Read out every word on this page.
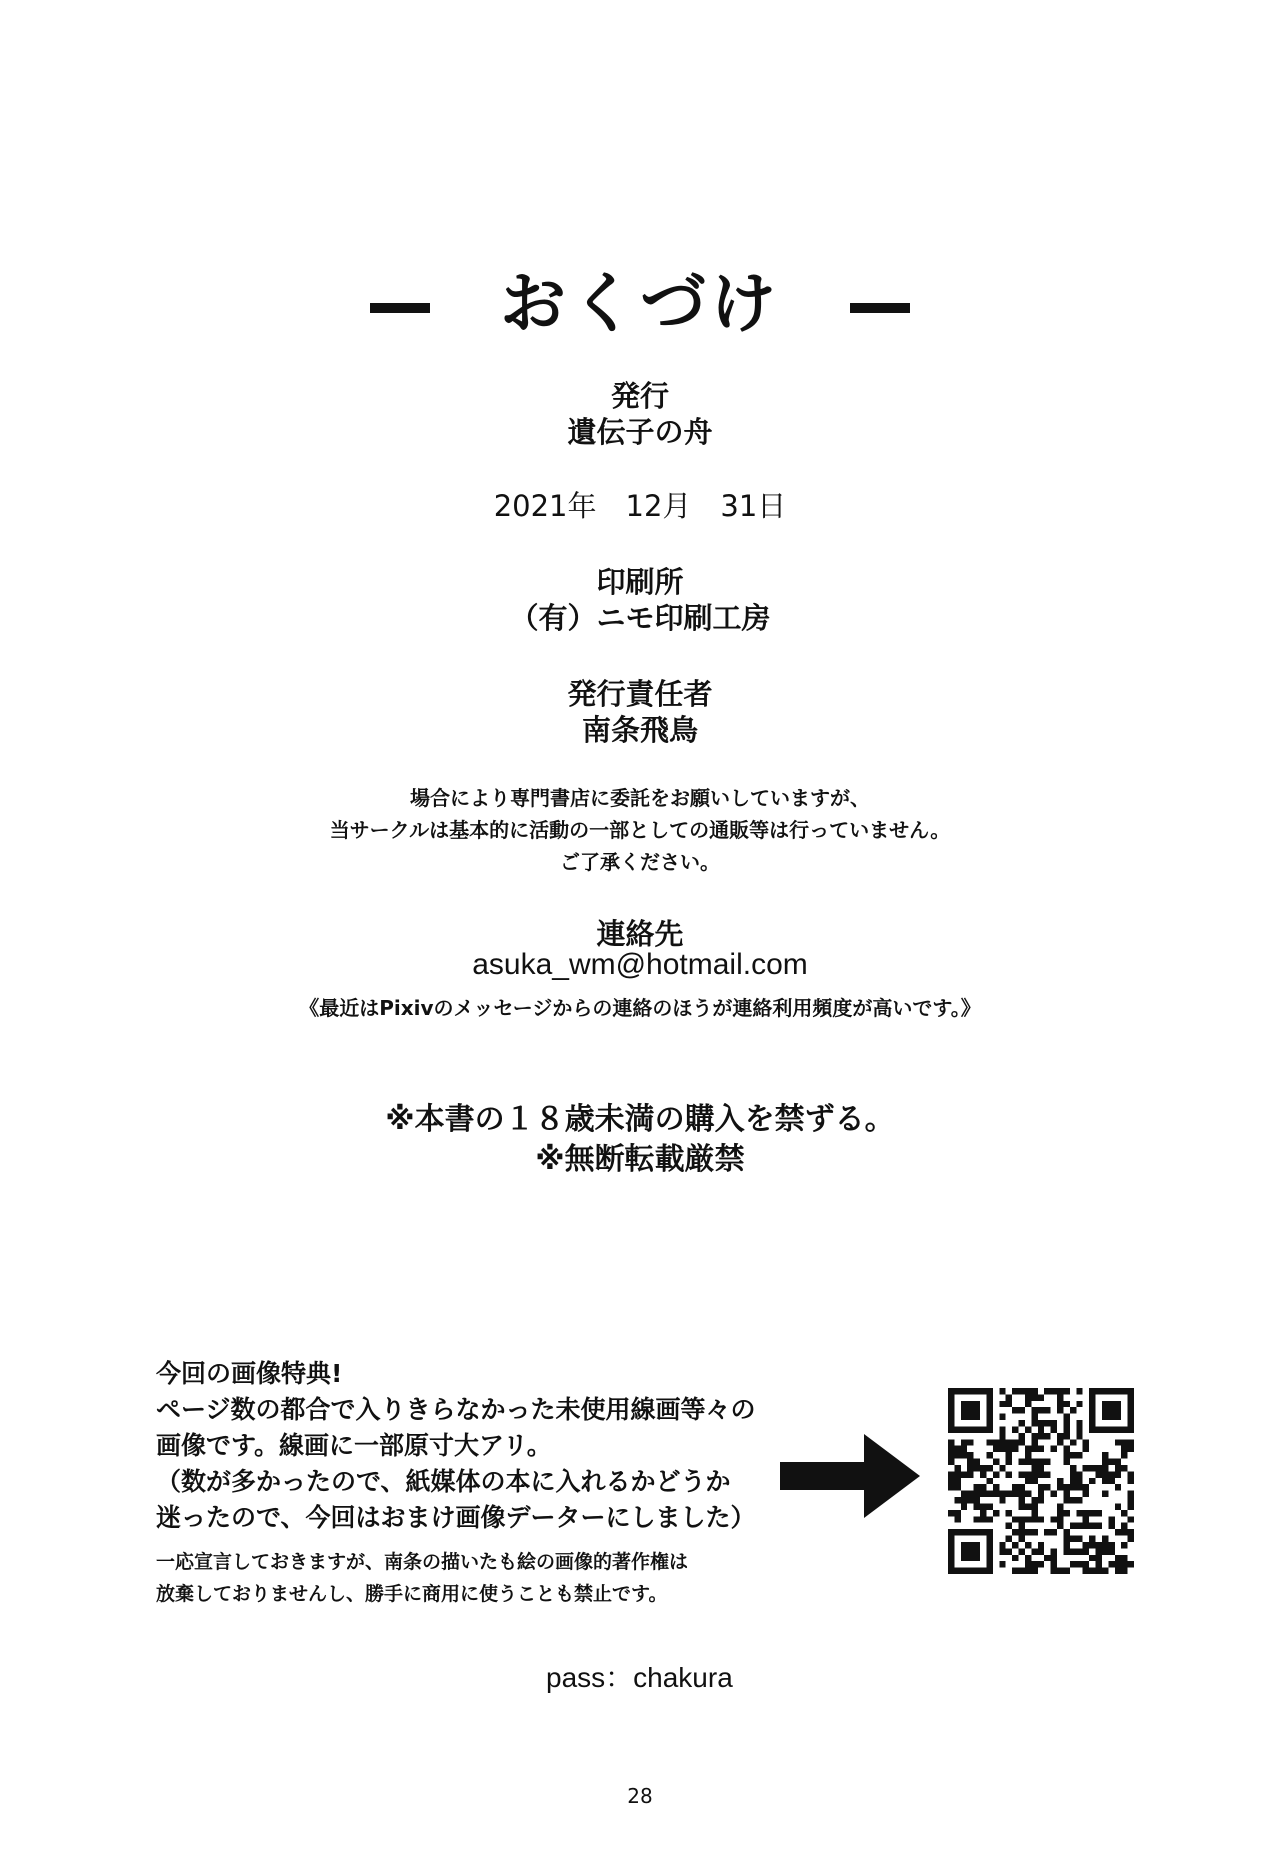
おくづけ
発行
遺伝子の舟
2021年　12月　31日
印刷所
（有）ニモ印刷工房
発行責任者
南条飛鳥
場合により専門書店に委託をお願いしていますが、
当サークルは基本的に活動の一部としての通販等は行っていません。
ご了承ください。
連絡先
asuka_wm@hotmail.com
《最近はPixivのメッセージからの連絡のほうが連絡利用頻度が高いです。》
※本書の１８歳未満の購入を禁ずる。
※無断転載厳禁
今回の画像特典!
ページ数の都合で入りきらなかった未使用線画等々の
画像です。線画に一部原寸大アリ。
（数が多かったので、紙媒体の本に入れるかどうか
迷ったので、今回はおまけ画像データーにしました）
一応宣言しておきますが、南条の描いたも絵の画像的著作権は
放棄しておりませんし、勝手に商用に使うことも禁止です。
pass：chakura
28
